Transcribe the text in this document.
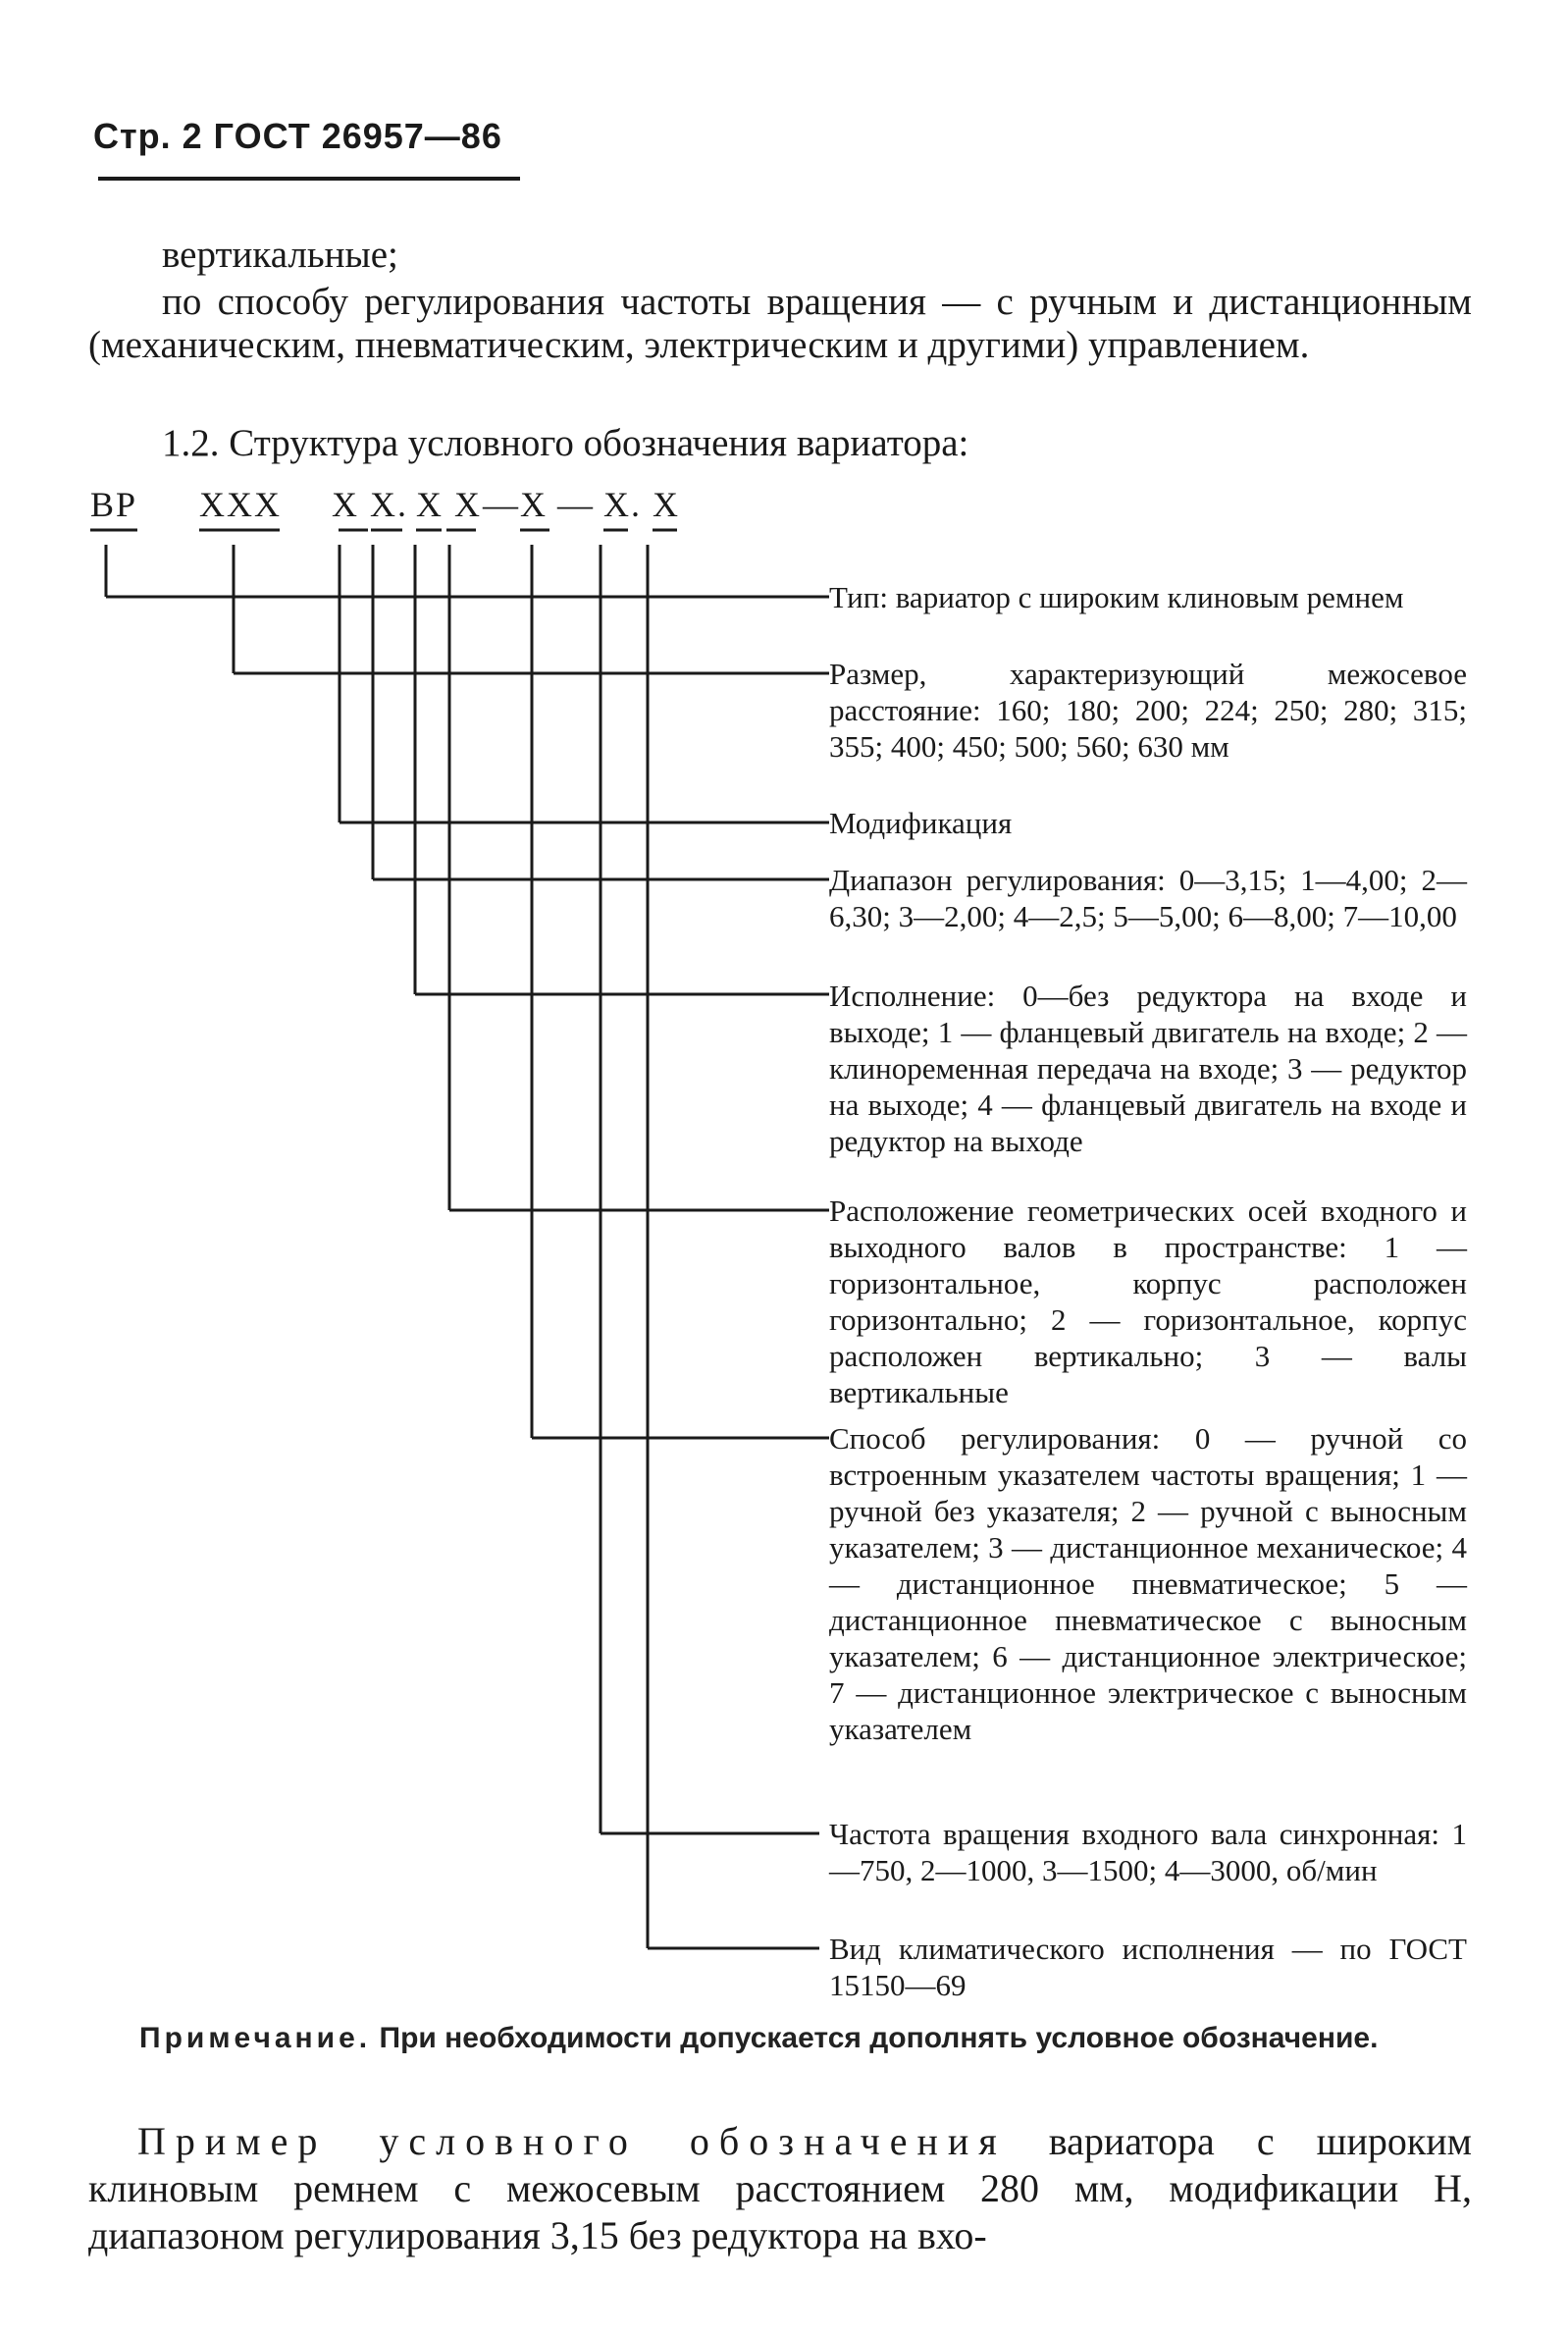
Стр. 2 ГОСТ 26957—86
вертикальные;
по способу регулирования частоты вращения — с ручным и дистанционным (механическим, пневматическим, электрическим и другими) управлением.
1.2. Структура условного обозначения вариатора:
ВР XXX X X. X X — X — X. X
Тип: вариатор с широким клиновым ремнем
Размер, характеризующий межосевое расстояние: 160; 180; 200; 224; 250; 280; 315; 355; 400; 450; 500; 560; 630 мм
Модификация
Диапазон регулирования: 0—3,15; 1—4,00; 2—6,30; 3—2,00; 4—2,5; 5—5,00; 6—8,00; 7—10,00
Исполнение: 0—без редуктора на входе и выходе; 1 — фланцевый двигатель на входе; 2 — клиноременная передача на входе; 3 — редуктор на выходе; 4 — фланцевый двигатель на входе и редуктор на выходе
Расположение геометрических осей входного и выходного валов в пространстве: 1 — горизонтальное, корпус расположен горизонтально; 2 — горизонтальное, корпус расположен вертикально; 3 — валы вертикальные
Способ регулирования: 0 — ручной со встроенным указателем частоты вращения; 1 — ручной без указателя; 2 — ручной с выносным указателем; 3 — дистанционное механическое; 4 — дистанционное пневматическое; 5 — дистанционное пневматическое с выносным указателем; 6 — дистанционное электрическое; 7 — дистанционное электрическое с выносным указателем
Частота вращения входного вала синхронная: 1—750, 2—1000, 3—1500; 4—3000, об/мин
Вид климатического исполнения — по ГОСТ 15150—69
Примечание. При необходимости допускается дополнять условное обозначение.
Пример условного обозначения вариатора с широким клиновым ремнем с межосевым расстоянием 280 мм, модификации Н, диапазоном регулирования 3,15 без редуктора на вхо-
